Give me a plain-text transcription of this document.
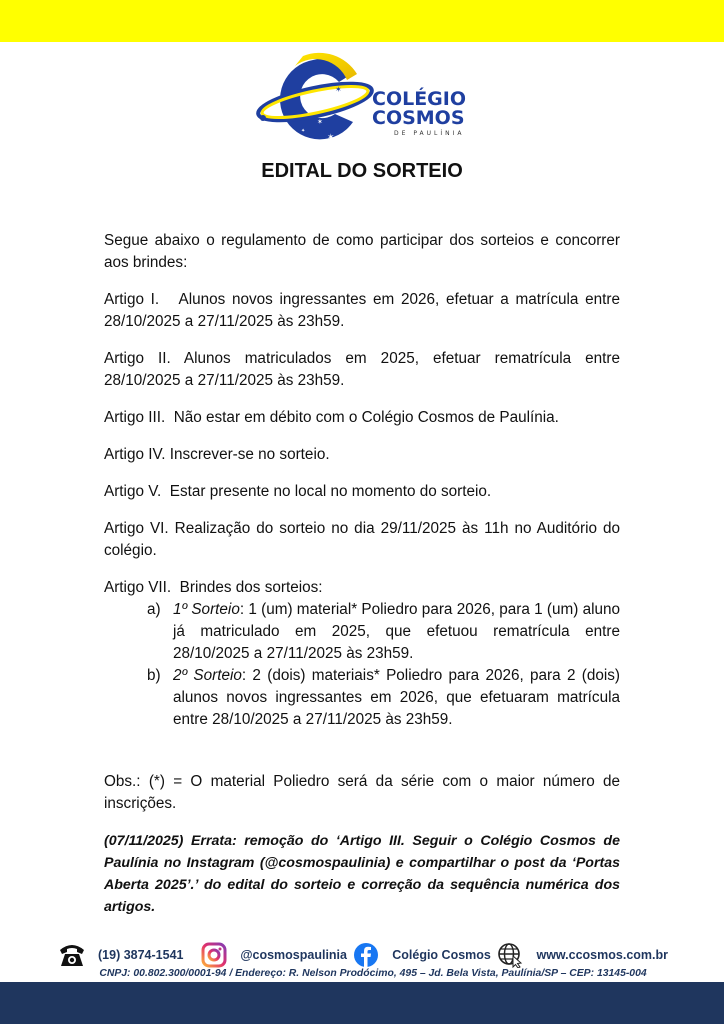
✶
✶
✦
✶
✦
COLÉGIO
COSMOS
DE PAULÍNIA
EDITAL DO SORTEIO

Segue abaixo o regulamento de como participar dos sorteios e concorrer aos brindes:

Artigo I. Alunos novos ingressantes em 2026, efetuar a matrícula entre 28/10/2025 a 27/11/2025 às 23h59.

Artigo II. Alunos matriculados em 2025, efetuar rematrícula entre 28/10/2025 a 27/11/2025 às 23h59.

Artigo III. Não estar em débito com o Colégio Cosmos de Paulínia.

Artigo IV. Inscrever-se no sorteio.

Artigo V. Estar presente no local no momento do sorteio.

Artigo VI. Realização do sorteio no dia 29/11/2025 às 11h no Auditório do colégio.

Artigo VII. Brindes dos sorteios:

a) 1º Sorteio: 1 (um) material* Poliedro para 2026, para 1 (um) aluno já matriculado em 2025, que efetuou rematrícula entre 28/10/2025 a 27/11/2025 às 23h59.
b) 2º Sorteio: 2 (dois) materiais* Poliedro para 2026, para 2 (dois) alunos novos ingressantes em 2026, que efetuaram matrícula entre 28/10/2025 a 27/11/2025 às 23h59.

Obs.: (*) = O material Poliedro será da série com o maior número de inscrições.

(07/11/2025) Errata: remoção do ‘Artigo III. Seguir o Colégio Cosmos de Paulínia no Instagram (@cosmospaulinia) e compartilhar o post da ‘Portas Aberta 2025’.’ do edital do sorteio e correção da sequência numérica dos artigos.

(19) 3874-1541	@cosmospaulinia	Colégio Cosmos	www.ccosmos.com.br
CNPJ: 00.802.300/0001-94 / Endereço: R. Nelson Prodócimo, 495 – Jd. Bela Vista, Paulínia/SP – CEP: 13145-004
